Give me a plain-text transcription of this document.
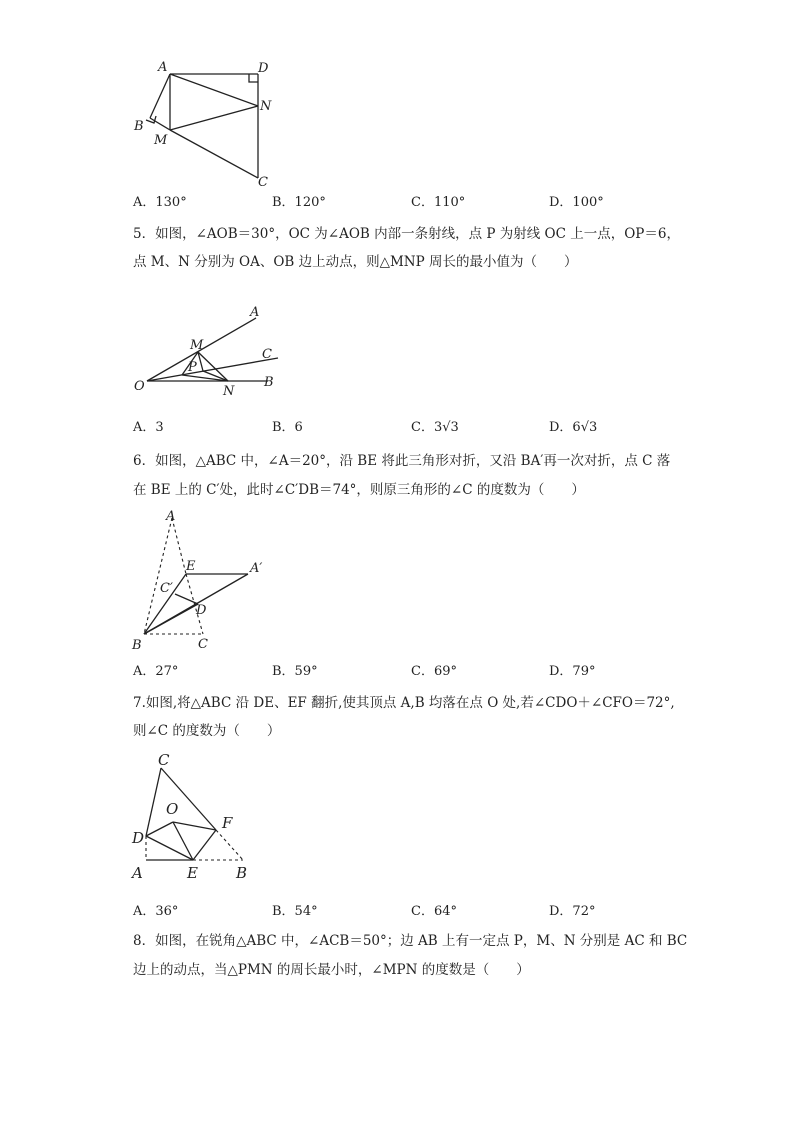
A	D
N
B
M
C
A．130°	B．120°	C．110°	D．100°
5．如图，∠AOB＝30°，OC 为∠AOB 内部一条射线，点 P 为射线 OC 上一点，OP＝6，
点 M、N 分别为 OA、OB 边上动点，则△MNP 周长的最小值为（　　）
A
M
C
P
O	N
B
A．3	B．6	C．3√3	D．6√3
6．如图，△ABC 中，∠A＝20°，沿 BE 将此三角形对折，又沿 BA′再一次对折，点 C 落
在 BE 上的 C′处，此时∠C′DB＝74°，则原三角形的∠C 的度数为（　　）
A
E	A′
C′
D
B	C
A．27°	B．59°	C．69°	D．79°
7.如图,将△ABC 沿 DE、EF 翻折,使其顶点 A,B 均落在点 O 处,若∠CDO＋∠CFO＝72°,
则∠C 的度数为（　　）
C
O
F
D
A	E	B
A．36°	B．54°	C．64°	D．72°
8．如图，在锐角△ABC 中，∠ACB＝50°；边 AB 上有一定点 P，M、N 分别是 AC 和 BC
边上的动点，当△PMN 的周长最小时，∠MPN 的度数是（　　）
